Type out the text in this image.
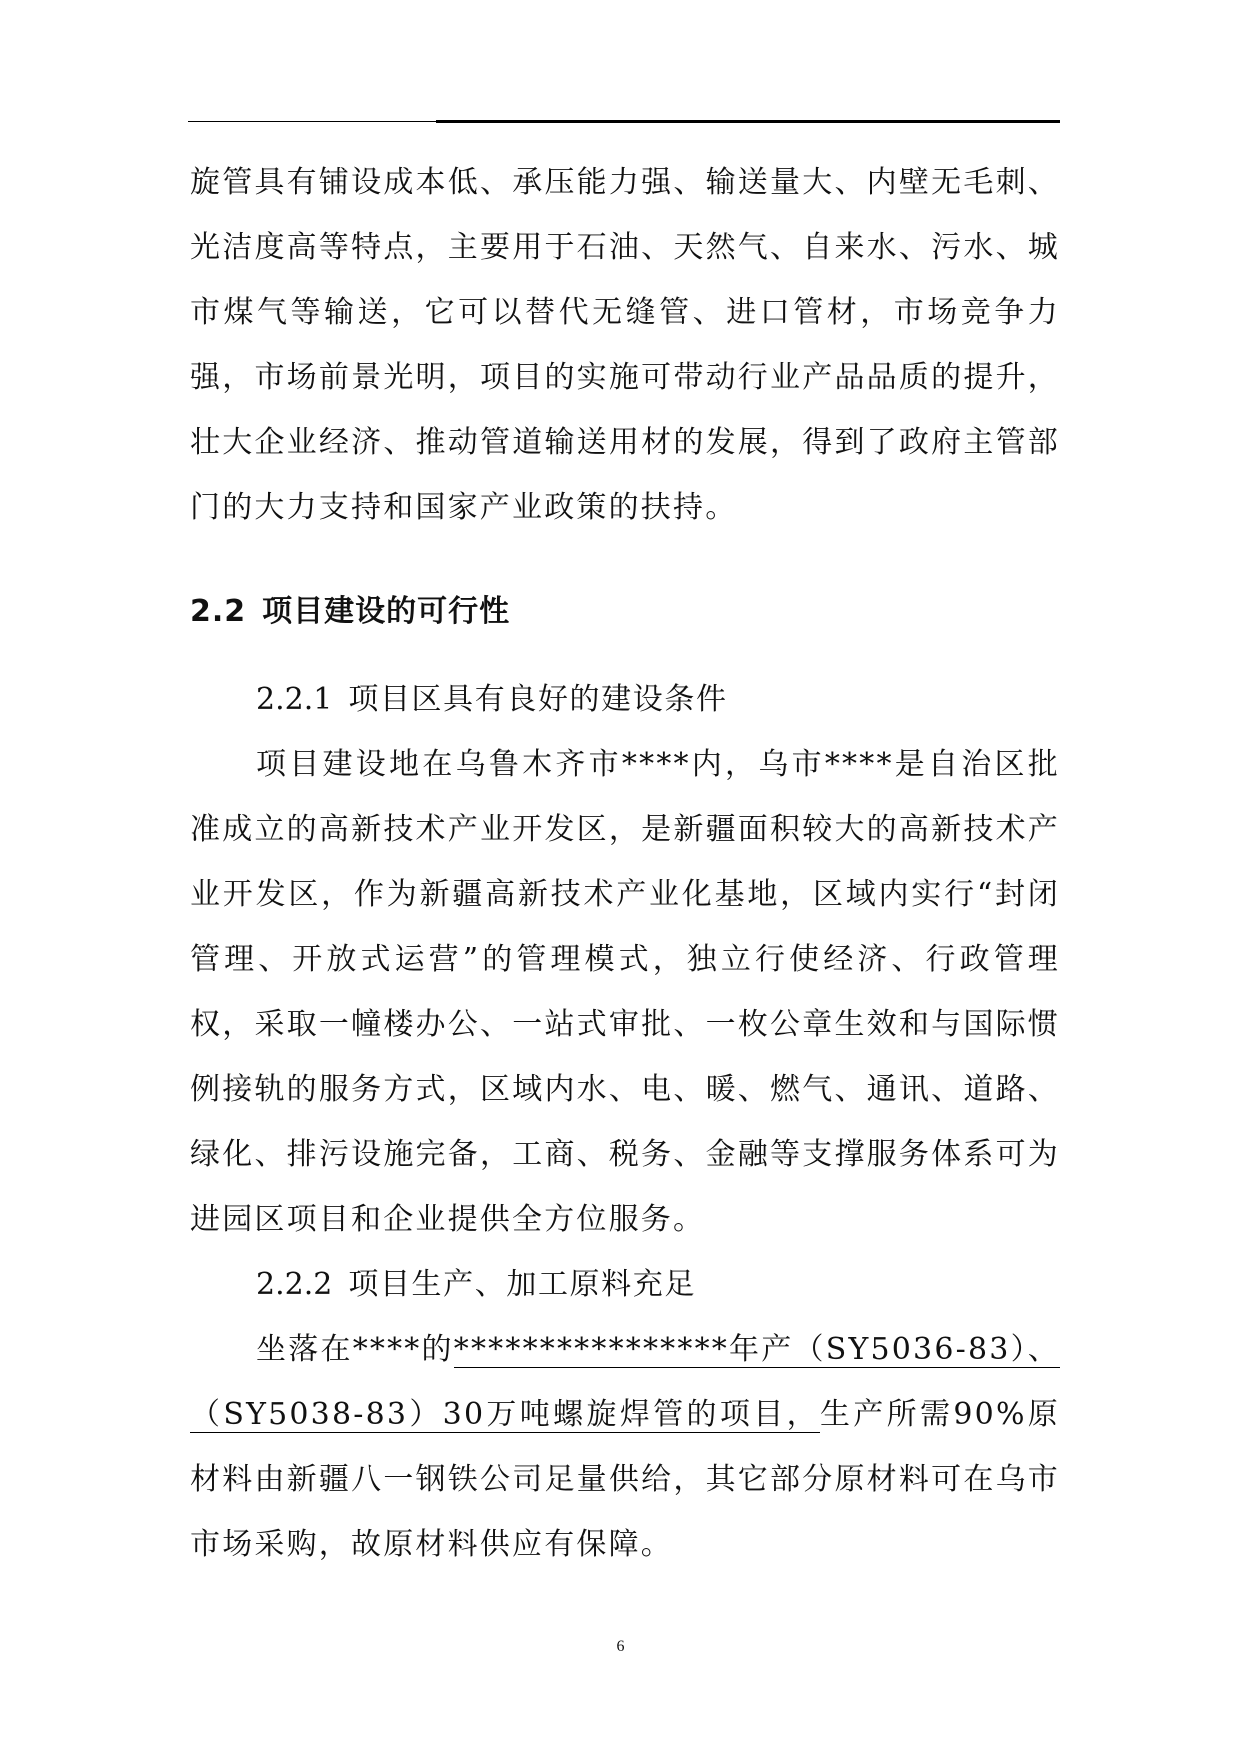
旋管具有铺设成本低、承压能力强、输送量大、内壁无毛刺、光洁度高等特点，主要用于石油、天然气、自来水、污水、城市煤气等输送，它可以替代无缝管、进口管材，市场竞争力强，市场前景光明，项目的实施可带动行业产品品质的提升，壮大企业经济、推动管道输送用材的发展，得到了政府主管部门的大力支持和国家产业政策的扶持。

2.2 项目建设的可行性
2.2.1 项目区具有良好的建设条件

项目建设地在乌鲁木齐市****内，乌市****是自治区批准成立的高新技术产业开发区，是新疆面积较大的高新技术产业开发区，作为新疆高新技术产业化基地，区域内实行“封闭管理、开放式运营”的管理模式，独立行使经济、行政管理权，采取一幢楼办公、一站式审批、一枚公章生效和与国际惯例接轨的服务方式，区域内水、电、暖、燃气、通讯、道路、绿化、排污设施完备，工商、税务、金融等支撑服务体系可为进园区项目和企业提供全方位服务。

2.2.2 项目生产、加工原料充足

坐落在****的****************年产（SY5036-83）、（SY5038-83）30万吨螺旋焊管的项目，生产所需90%原材料由新疆八一钢铁公司足量供给，其它部分原材料可在乌市市场采购，故原材料供应有保障。

6
